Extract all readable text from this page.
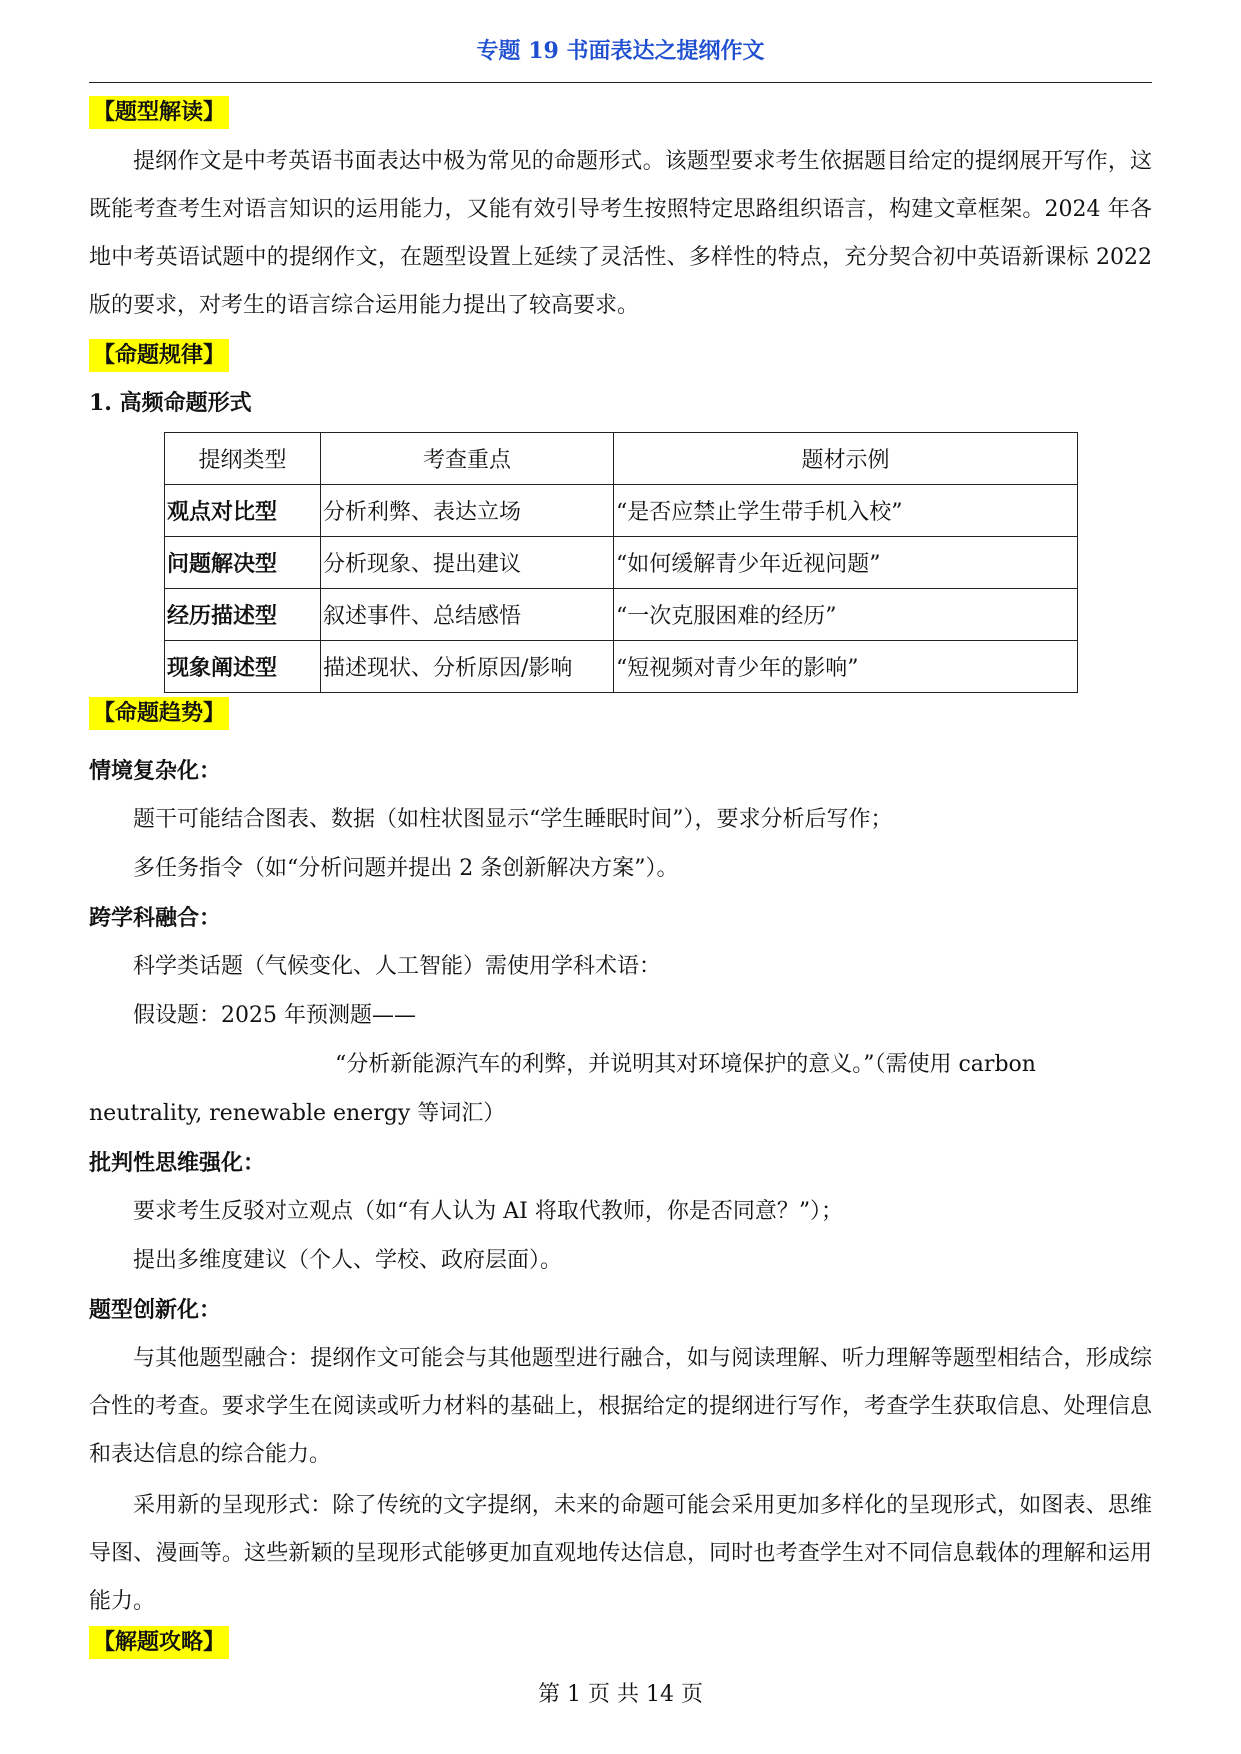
专题 19 书面表达之提纲作文
【题型解读】

提纲作文是中考英语书面表达中极为常见的命题形式。该题型要求考生依据题目给定的提纲展开写作，这既能考查考生对语言知识的运用能力，又能有效引导考生按照特定思路组织语言，构建文章框架。2024 年各地中考英语试题中的提纲作文，在题型设置上延续了灵活性、多样性的特点，充分契合初中英语新课标 2022 版的要求，对考生的语言综合运用能力提出了较高要求。

【命题规律】
1. 高频命题形式
提纲类型	考查重点	题材示例
观点对比型	分析利弊、表达立场	“是否应禁止学生带手机入校”
问题解决型	分析现象、提出建议	“如何缓解青少年近视问题”
经历描述型	叙述事件、总结感悟	“一次克服困难的经历”
现象阐述型	描述现状、分析原因/影响	“短视频对青少年的影响”
【命题趋势】
情境复杂化：
题干可能结合图表、数据（如柱状图显示“学生睡眠时间”），要求分析后写作；
多任务指令（如“分析问题并提出 2 条创新解决方案”）。
跨学科融合：
科学类话题（气候变化、人工智能）需使用学科术语：
假设题：2025 年预测题——
“分析新能源汽车的利弊，并说明其对环境保护的意义。”（需使用 carbon
neutrality, renewable energy 等词汇）
批判性思维强化：
要求考生反驳对立观点（如“有人认为 AI 将取代教师，你是否同意？”）；
提出多维度建议（个人、学校、政府层面）。
题型创新化：

与其他题型融合：提纲作文可能会与其他题型进行融合，如与阅读理解、听力理解等题型相结合，形成综合性的考查。要求学生在阅读或听力材料的基础上，根据给定的提纲进行写作，考查学生获取信息、处理信息和表达信息的综合能力。

采用新的呈现形式：除了传统的文字提纲，未来的命题可能会采用更加多样化的呈现形式，如图表、思维导图、漫画等。这些新颖的呈现形式能够更加直观地传达信息，同时也考查学生对不同信息载体的理解和运用能力。

【解题攻略】
第 1 页 共 14 页
